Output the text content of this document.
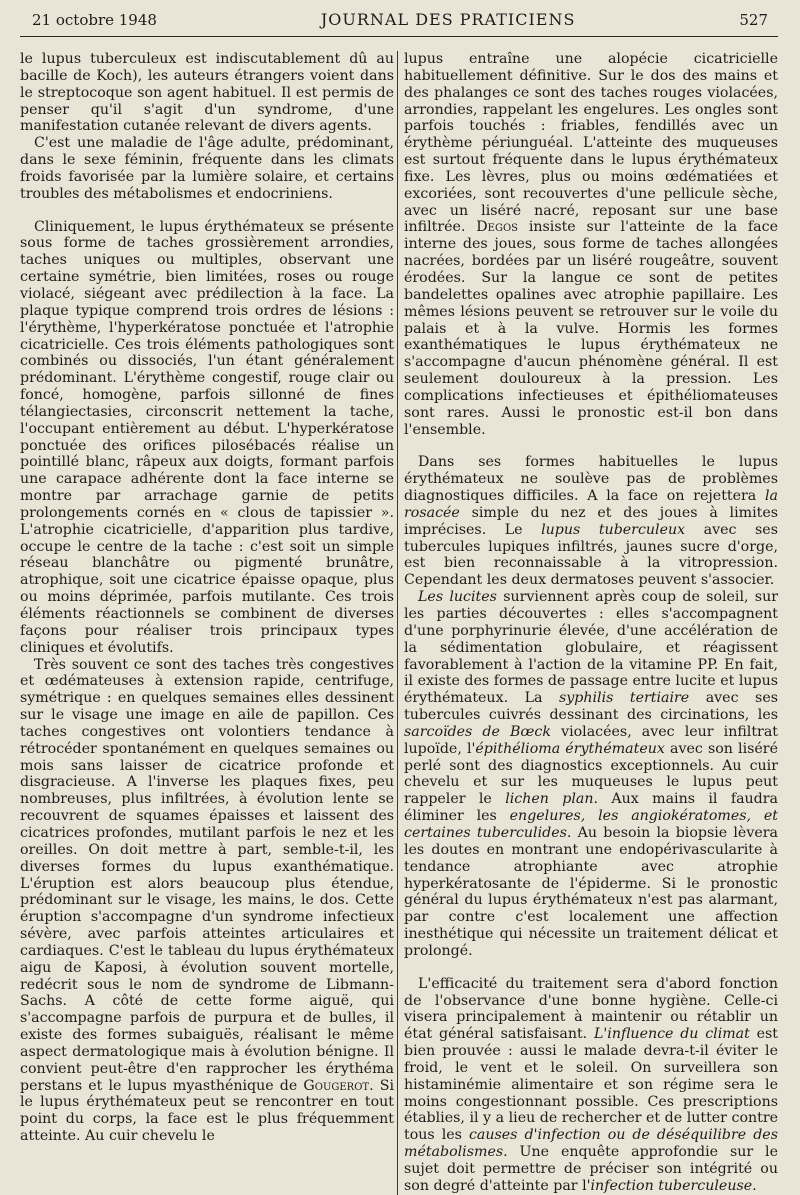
21 octobre 1948	JOURNAL DES PRATICIENS	527

le lupus tuberculeux est indiscutablement dû au bacille de Koch), les auteurs étrangers voient dans le streptocoque son agent habituel. Il est permis de penser qu'il s'agit d'un syndrome, d'une manifestation cutanée relevant de divers agents.

C'est une maladie de l'âge adulte, prédominant, dans le sexe féminin, fréquente dans les climats froids favorisée par la lumière solaire, et certains troubles des métabolismes et endocriniens.

Cliniquement, le lupus érythémateux se présente sous forme de taches grossièrement arrondies, taches uniques ou multiples, observant une certaine symétrie, bien limitées, roses ou rouge violacé, siégeant avec prédilection à la face. La plaque typique comprend trois ordres de lésions : l'érythème, l'hyperkératose ponctuée et l'atrophie cicatricielle. Ces trois éléments pathologiques sont combinés ou dissociés, l'un étant généralement prédominant. L'érythème congestif, rouge clair ou foncé, homogène, parfois sillonné de fines télangiectasies, circonscrit nettement la tache, l'occupant entièrement au début. L'hyperkératose ponctuée des orifices pilosébacés réalise un pointillé blanc, râpeux aux doigts, formant parfois une carapace adhérente dont la face interne se montre par arrachage garnie de petits prolongements cornés en « clous de tapissier ». L'atrophie cicatricielle, d'apparition plus tardive, occupe le centre de la tache : c'est soit un simple réseau blanchâtre ou pigmenté brunâtre, atrophique, soit une cicatrice épaisse opaque, plus ou moins déprimée, parfois mutilante. Ces trois éléments réactionnels se combinent de diverses façons pour réaliser trois principaux types cliniques et évolutifs.

Très souvent ce sont des taches très congestives et œdémateuses à extension rapide, centrifuge, symétrique : en quelques semaines elles dessinent sur le visage une image en aile de papillon. Ces taches congestives ont volontiers tendance à rétrocéder spontanément en quelques semaines ou mois sans laisser de cicatrice profonde et disgracieuse. A l'inverse les plaques fixes, peu nombreuses, plus infiltrées, à évolution lente se recouvrent de squames épaisses et laissent des cicatrices profondes, mutilant parfois le nez et les oreilles. On doit mettre à part, semble-t-il, les diverses formes du lupus exanthématique. L'éruption est alors beaucoup plus étendue, prédominant sur le visage, les mains, le dos. Cette éruption s'accompagne d'un syndrome infectieux sévère, avec parfois atteintes articulaires et cardiaques. C'est le tableau du lupus érythémateux aigu de Kaposi, à évolution souvent mortelle, redécrit sous le nom de syndrome de Libmann-Sachs. A côté de cette forme aiguë, qui s'accompagne parfois de purpura et de bulles, il existe des formes subaiguës, réalisant le même aspect dermatologique mais à évolution bénigne. Il convient peut-être d'en rapprocher les érythéma perstans et le lupus myasthénique de Gougerot. Si le lupus érythémateux peut se rencontrer en tout point du corps, la face est le plus fréquemment atteinte. Au cuir chevelu le

lupus entraîne une alopécie cicatricielle habituellement définitive. Sur le dos des mains et des phalanges ce sont des taches rouges violacées, arrondies, rappelant les engelures. Les ongles sont parfois touchés : friables, fendillés avec un érythème périunguéal. L'atteinte des muqueuses est surtout fréquente dans le lupus érythémateux fixe. Les lèvres, plus ou moins œdématiées et excoriées, sont recouvertes d'une pellicule sèche, avec un liséré nacré, reposant sur une base infiltrée. Degos insiste sur l'atteinte de la face interne des joues, sous forme de taches allongées nacrées, bordées par un liséré rougeâtre, souvent érodées. Sur la langue ce sont de petites bandelettes opalines avec atrophie papillaire. Les mêmes lésions peuvent se retrouver sur le voile du palais et à la vulve. Hormis les formes exanthématiques le lupus érythémateux ne s'accompagne d'aucun phénomène général. Il est seulement douloureux à la pression. Les complications infectieuses et épithéliomateuses sont rares. Aussi le pronostic est-il bon dans l'ensemble.

Dans ses formes habituelles le lupus érythémateux ne soulève pas de problèmes diagnostiques difficiles. A la face on rejettera la rosacée simple du nez et des joues à limites imprécises. Le lupus tuberculeux avec ses tubercules lupiques infiltrés, jaunes sucre d'orge, est bien reconnaissable à la vitropression. Cependant les deux dermatoses peuvent s'associer.

Les lucites surviennent après coup de soleil, sur les parties découvertes : elles s'accompagnent d'une porphyrinurie élevée, d'une accélération de la sédimentation globulaire, et réagissent favorablement à l'action de la vitamine PP. En fait, il existe des formes de passage entre lucite et lupus érythémateux. La syphilis tertiaire avec ses tubercules cuivrés dessinant des circinations, les sarcoïdes de Bœck violacées, avec leur infiltrat lupoïde, l'épithélioma érythémateux avec son liséré perlé sont des diagnostics exceptionnels. Au cuir chevelu et sur les muqueuses le lupus peut rappeler le lichen plan. Aux mains il faudra éliminer les engelures, les angiokératomes, et certaines tuberculides. Au besoin la biopsie lèvera les doutes en montrant une endopérivascularite à tendance atrophiante avec atrophie hyperkératosante de l'épiderme. Si le pronostic général du lupus érythémateux n'est pas alarmant, par contre c'est localement une affection inesthétique qui nécessite un traitement délicat et prolongé.

L'efficacité du traitement sera d'abord fonction de l'observance d'une bonne hygiène. Celle-ci visera principalement à maintenir ou rétablir un état général satisfaisant. L'influence du climat est bien prouvée : aussi le malade devra-t-il éviter le froid, le vent et le soleil. On surveillera son histaminémie alimentaire et son régime sera le moins congestionnant possible. Ces prescriptions établies, il y a lieu de rechercher et de lutter contre tous les causes d'infection ou de déséquilibre des métabolismes. Une enquête approfondie sur le sujet doit permettre de préciser son intégrité ou son degré d'atteinte par l'infection tuberculeuse.
